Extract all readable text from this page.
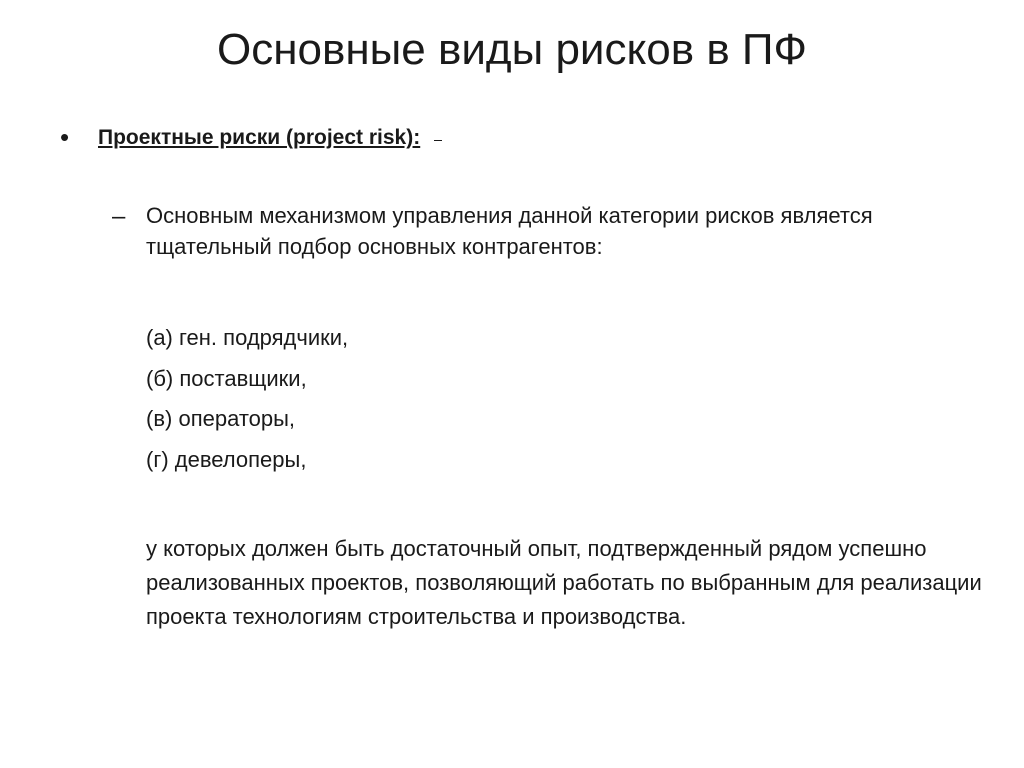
Основные виды рисков в ПФ
•	Проектные риски (project risk):
– Основным механизмом управления данной категории рисков является тщательный подбор основных контрагентов:
(а) ген. подрядчики,
(б) поставщики,
(в) операторы,
(г) девелоперы,
у которых должен быть достаточный опыт, подтвержденный рядом успешно реализованных проектов, позволяющий работать по выбранным для реализации проекта технологиям строительства и производства.
